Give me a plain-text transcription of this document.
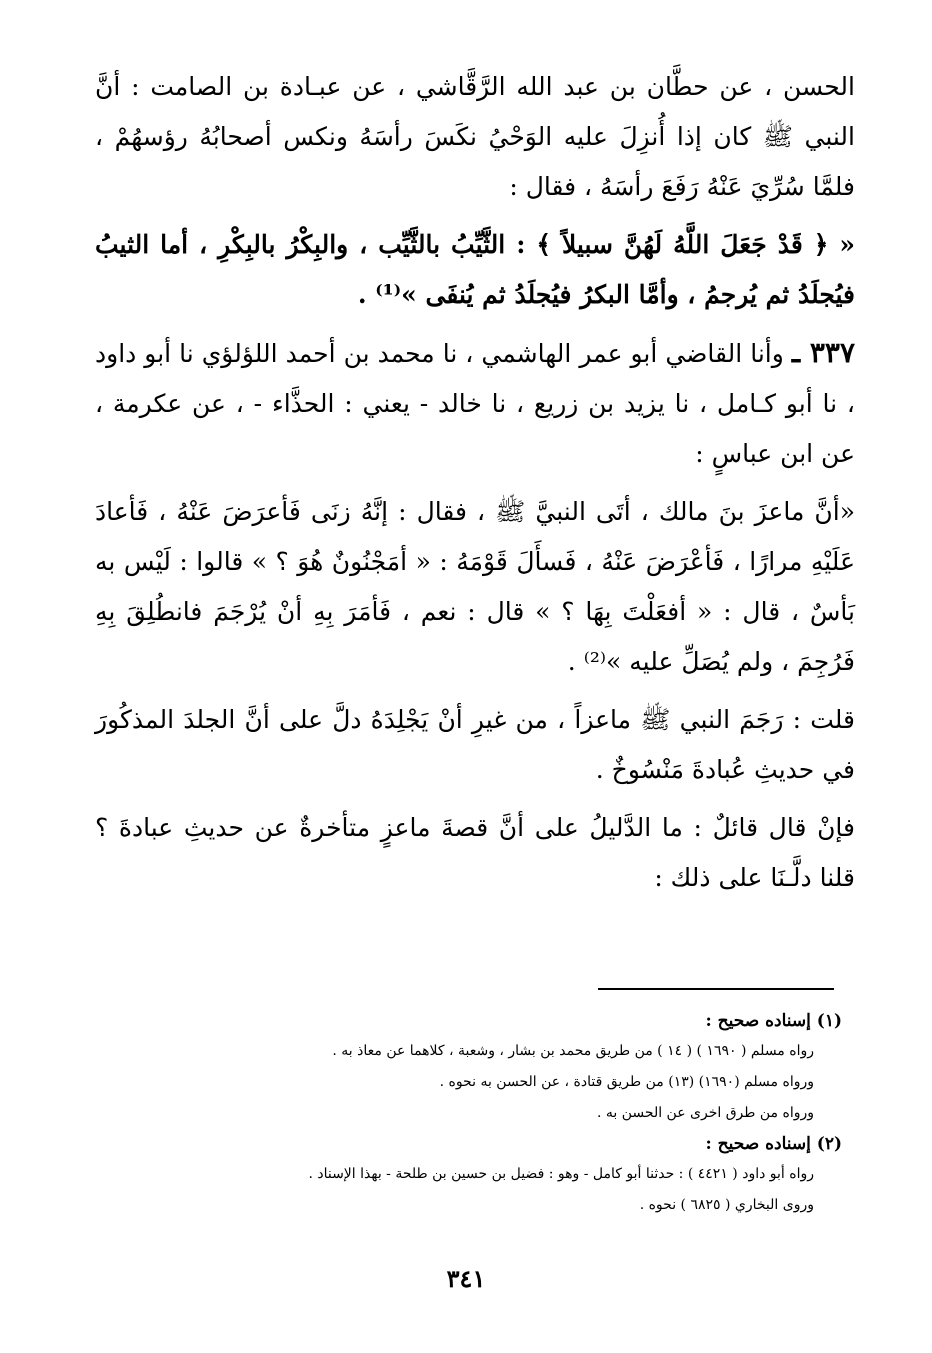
الحسن ، عن حطَّان بن عبد الله الرَّقَّاشي ، عن عبـادة بن الصامت : أنَّ النبي ﷺ كان إذا أُنزِلَ عليه الوَحْيُ نكَسَ رأسَهُ ونكس أصحابُهُ رؤسهُمْ ، فلمَّا سُرِّيَ عَنْهُ رَفَعَ رأسَهُ ، فقال :

« ﴿ قَدْ جَعَلَ اللَّهُ لَهُنَّ سبيلاً ﴾ : الثَّيِّبُ بالثَّيِّب ، والبِكْرُ بالبِكْرِ ، أما الثيبُ فيُجلَدُ ثم يُرجمُ ، وأمَّا البكرُ فيُجلَدُ ثم يُنفَى »⁽¹⁾ .

٣٣٧ ـ وأنا القاضي أبو عمر الهاشمي ، نا محمد بن أحمد اللؤلؤي نا أبو داود ، نا أبو كـامل ، نا يزيد بن زريع ، نا خالد - يعني : الحذَّاء - ، عن عكرمة ، عن ابن عباسٍ :

«أنَّ ماعزَ بنَ مالك ، أتَى النبيَّ ﷺ ، فقال : إنَّهُ زنَى فَأعرَضَ عَنْهُ ، فَأعادَ عَلَيْهِ مرارًا ، فَأعْرَضَ عَنْهُ ، فَسأَلَ قَوْمَهُ : « أمَجْنُونٌ هُوَ ؟ » قالوا : لَيْس به بَأسٌ ، قال : « أفعَلْتَ بِهَا ؟ » قال : نعم ، فَأمَرَ بِهِ أنْ يُرْجَمَ فانطُلِقَ بِهِ فَرُجِمَ ، ولم يُصَلِّ عليه »⁽²⁾ .

قلت : رَجَمَ النبي ﷺ ماعزاً ، من غيرِ أنْ يَجْلِدَهُ دلَّ على أنَّ الجلدَ المذكُورَ في حديثِ عُبادةَ مَنْسُوخٌ .

فإنْ قال قائلٌ : ما الدَّليلُ على أنَّ قصةَ ماعزٍ متأخرةٌ عن حديثِ عبادةَ ؟ قلنا دلَّـنَا على ذلك :

(١) إسناده صحيح :
رواه مسلم ( ١٦٩٠ ) ( ١٤ ) من طريق محمد بن بشار ، وشعبة ، كلاهما عن معاذ به .
ورواه مسلم (١٦٩٠) (١٣) من طريق قتادة ، عن الحسن به نحوه .
ورواه من طرق اخرى عن الحسن به .
(٢) إسناده صحيح :
رواه أبو داود ( ٤٤٢١ ) : حدثنا أبو كامل - وهو : فضيل بن حسين بن طلحة - بهذا الإسناد .
وروى البخاري ( ٦٨٢٥ ) نحوه .
٣٤١
